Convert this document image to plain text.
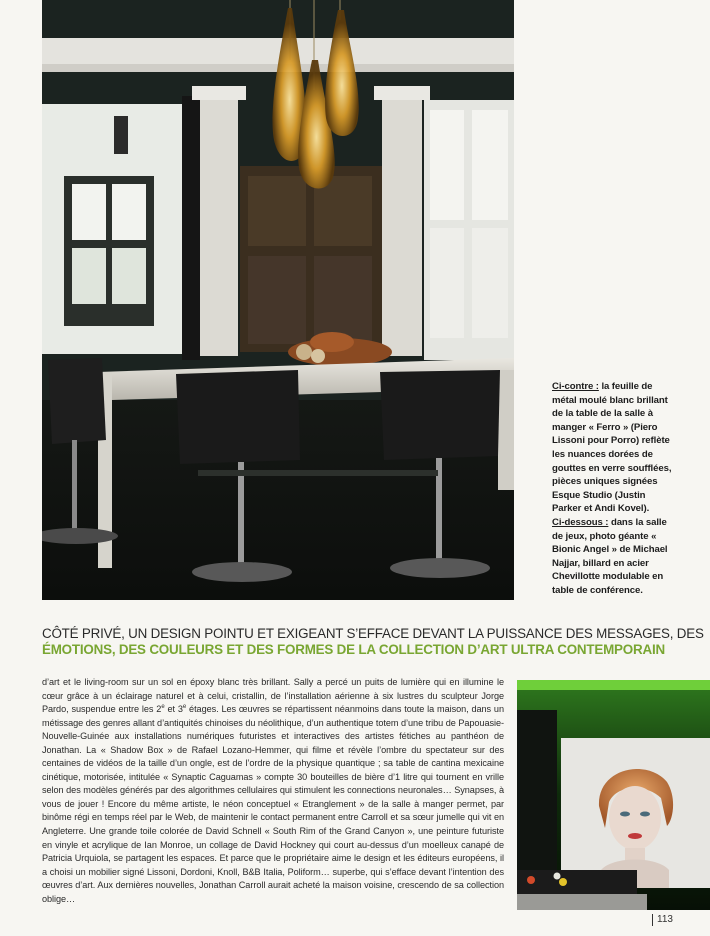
Ci-contre : la feuille de métal moulé blanc brillant de la table de la salle à manger « Ferro » (Piero Lissoni pour Porro) reflète les nuances dorées de gouttes en verre soufflées, pièces uniques signées Esque Studio (Justin Parker et Andi Kovel).
Ci-dessous : dans la salle de jeux, photo géante « Bionic Angel » de Michael Najjar, billard en acier Chevillotte modulable en table de conférence.
CÔTÉ PRIVÉ, UN DESIGN POINTU ET EXIGEANT S’EFFACE DEVANT LA PUISSANCE DES MESSAGES, DES
ÉMOTIONS, DES COULEURS ET DES FORMES DE LA COLLECTION D’ART ULTRA CONTEMPORAIN
d’art et le living-room sur un sol en époxy blanc très brillant. Sally a percé un puits de lumière qui en illumine le cœur grâce à un éclairage naturel et à celui, cristallin, de l’installation aérienne à six lustres du sculpteur Jorge Pardo, suspendue entre les 2e et 3e étages. Les œuvres se répartissent néanmoins dans toute la maison, dans un métissage des genres allant d’antiquités chinoises du néolithique, d’un authentique totem d’une tribu de Papouasie-Nouvelle-Guinée aux installations numériques futuristes et interactives des artistes fétiches au panthéon de Jonathan. La « Shadow Box » de Rafael Lozano-Hemmer, qui filme et révèle l’ombre du spectateur sur des centaines de vidéos de la taille d’un ongle, est de l’ordre de la physique quantique ; sa table de cantina mexicaine cinétique, motorisée, intitulée « Synaptic Caguamas » compte 30 bouteilles de bière d’1 litre qui tournent en vrille selon des modèles générés par des algorithmes cellulaires qui stimulent les connections neuronales… Synapses, à vous de jouer ! Encore du même artiste, le néon conceptuel « Etranglement » de la salle à manger permet, par binôme régi en temps réel par le Web, de maintenir le contact permanent entre Carroll et sa sœur jumelle qui vit en Angleterre. Une grande toile colorée de David Schnell « South Rim of the Grand Canyon », une peinture futuriste en vinyle et acrylique de Ian Monroe, un collage de David Hockney qui court au-dessus d’un moelleux canapé de Patricia Urquiola, se partagent les espaces. Et parce que le propriétaire aime le design et les éditeurs européens, il a choisi un mobilier signé Lissoni, Dordoni, Knoll, B&B Italia, Poliform… superbe, qui s’efface devant l’intention des œuvres d’art. Aux dernières nouvelles, Jonathan Carroll aurait acheté la maison voisine, crescendo de sa collection oblige…
113
